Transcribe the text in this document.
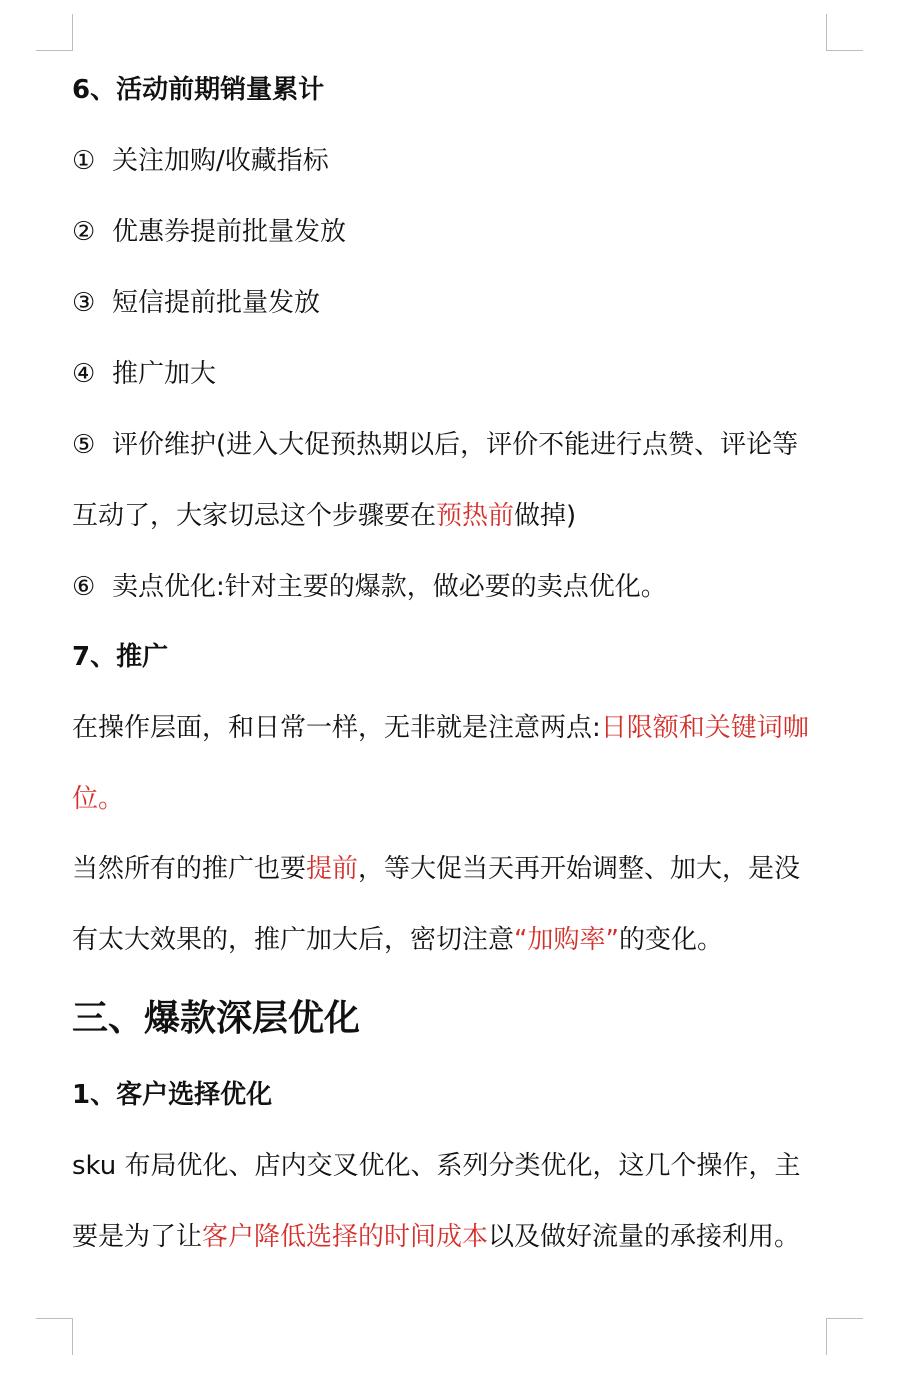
6、活动前期销量累计
① 关注加购/收藏指标
② 优惠券提前批量发放
③ 短信提前批量发放
④ 推广加大
⑤ 评价维护(进入大促预热期以后，评价不能进行点赞、评论等
互动了，大家切忌这个步骤要在预热前做掉)
⑥ 卖点优化:针对主要的爆款，做必要的卖点优化。
7、推广
在操作层面，和日常一样，无非就是注意两点:日限额和关键词咖
位。
当然所有的推广也要提前，等大促当天再开始调整、加大，是没
有太大效果的，推广加大后，密切注意“加购率”的变化。
三、爆款深层优化
1、客户选择优化
sku 布局优化、店内交叉优化、系列分类优化，这几个操作，主
要是为了让客户降低选择的时间成本以及做好流量的承接利用。
